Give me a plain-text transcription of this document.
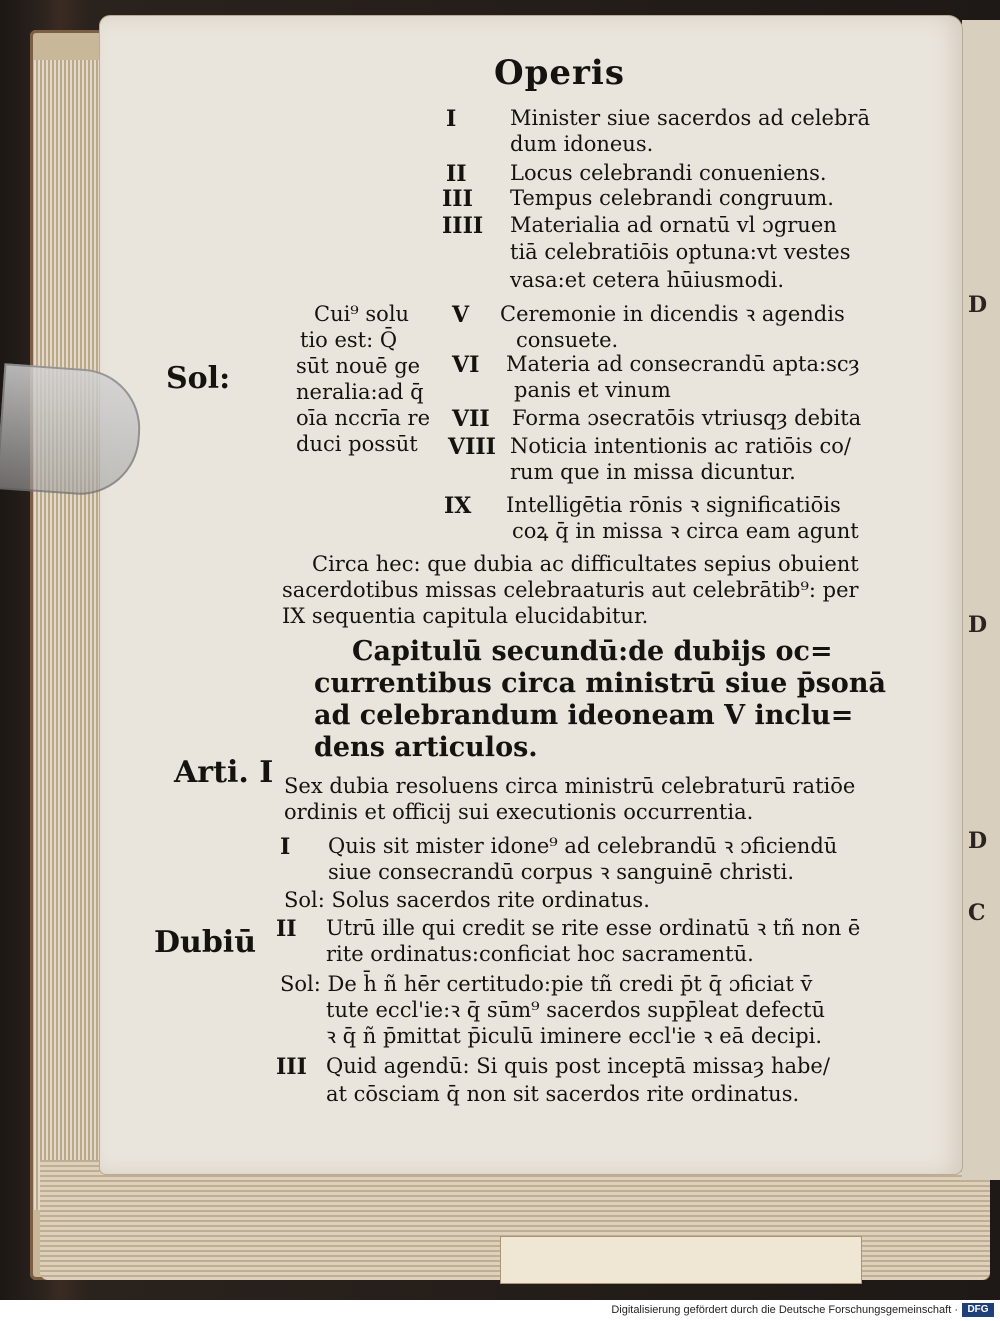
D
D
D
C
Operis
I	Minister siue sacerdos ad celebrā
dum idoneus.
II Locus celebrandi conueniens.
III Tempus celebrandi congruum.
IIII Materialia ad ornatū vl ɔgruen
tiā celebratiōis optuna:vt vestes
vasa:et cetera hūiusmodi.
V Ceremonie in dicendis ꝛ agendis
consuete.
VI Materia ad consecrandū apta:scȝ
panis et vinum
VII Forma ɔsecratōis vtriusqȝ debita
VIII Noticia intentionis ac ratiōis co/
rum que in missa dicuntur.
IX Intelligētia rōnis ꝛ significatiōis
coꝝ q̄ in missa ꝛ circa eam agunt
Cui⁹ solu
tio est: Q̄
sūt nouē ge
neralia:ad q̄
oīa nccrīa re
duci possūt
Circa hec: que dubia ac difficultates sepius obuient
sacerdotibus missas celebraaturis aut celebrātib⁹: per
IX sequentia capitula elucidabitur.
Capitulū secundū:de dubijs oc=
currentibus circa ministrū siue p̄sonā
ad celebrandum ideoneam V inclu=
dens articulos.
Sex dubia resoluens circa ministrū celebraturū ratiōe
ordinis et officij sui executionis occurrentia.
I Quis sit mister idone⁹ ad celebrandū ꝛ ɔficiendū
siue consecrandū corpus ꝛ sanguinē christi.
Sol: Solus sacerdos rite ordinatus.
II Utrū ille qui credit se rite esse ordinatū ꝛ tñ non ē
rite ordinatus:conficiat hoc sacramentū.
Sol: De h̄ ñ hēr certitudo:pie tñ credi p̄t q̄ ɔficiat v̄
tute eccl'ie:ꝛ q̄ sūm⁹ sacerdos supp̄leat defectū
ꝛ q̄ ñ p̄mittat p̄iculū iminere eccl'ie ꝛ eā decipi.
III Quid agendū: Si quis post inceptā missaȝ habe/
at cōsciam q̄ non sit sacerdos rite ordinatus.
Sol:
Arti. I
Dubiū
Digitalisierung gefördert durch die Deutsche Forschungsgemeinschaft · DFG
